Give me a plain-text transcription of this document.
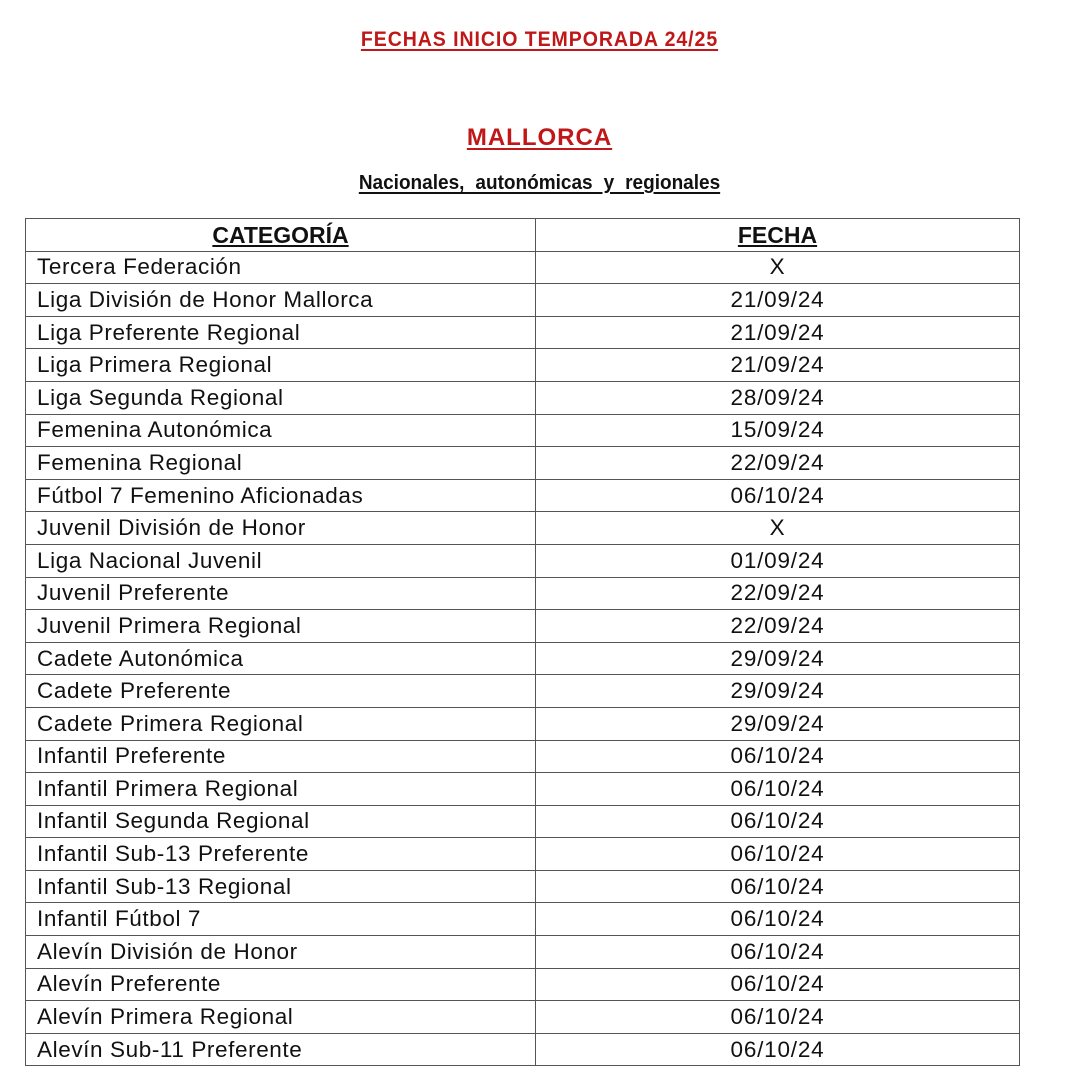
FECHAS INICIO TEMPORADA 24/25
MALLORCA
Nacionales, autonómicas y regionales
CATEGORÍA	FECHA
Tercera Federación	X
Liga División de Honor Mallorca	21/09/24
Liga Preferente Regional	21/09/24
Liga Primera Regional	21/09/24
Liga Segunda Regional	28/09/24
Femenina Autonómica	15/09/24
Femenina Regional	22/09/24
Fútbol 7 Femenino Aficionadas	06/10/24
Juvenil División de Honor	X
Liga Nacional Juvenil	01/09/24
Juvenil Preferente	22/09/24
Juvenil Primera Regional	22/09/24
Cadete Autonómica	29/09/24
Cadete Preferente	29/09/24
Cadete Primera Regional	29/09/24
Infantil Preferente	06/10/24
Infantil Primera Regional	06/10/24
Infantil Segunda Regional	06/10/24
Infantil Sub-13 Preferente	06/10/24
Infantil Sub-13 Regional	06/10/24
Infantil Fútbol 7	06/10/24
Alevín División de Honor	06/10/24
Alevín Preferente	06/10/24
Alevín Primera Regional	06/10/24
Alevín Sub-11 Preferente	06/10/24
